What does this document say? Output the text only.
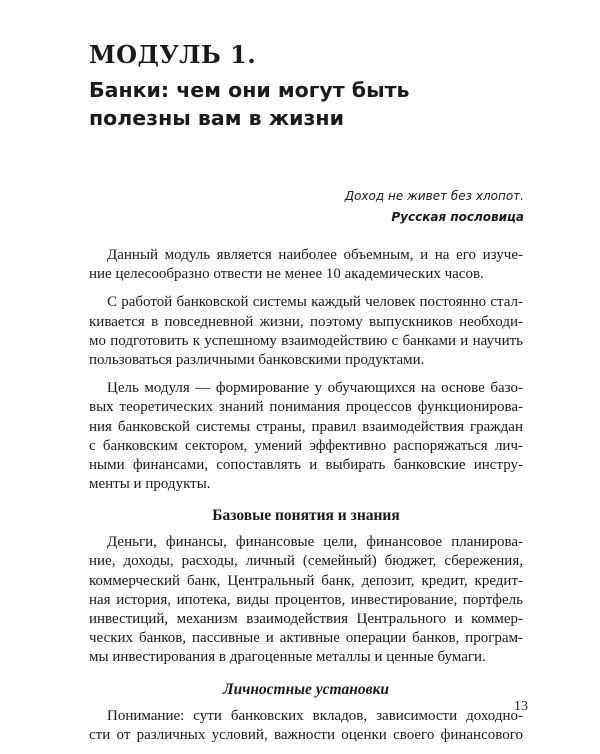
МОДУЛЬ 1.
Банки: чем они могут быть
полезны вам в жизни
Доход не живет без хлопот.
Русская пословица
Данный модуль является наиболее объемным, и на его изуче-
ние целесообразно отвести не менее 10 академических часов.
С работой банковской системы каждый человек постоянно стал-
кивается в повседневной жизни, поэтому выпускников необходи-
мо подготовить к успешному взаимодействию с банками и научить
пользоваться различными банковскими продуктами.
Цель модуля — формирование у обучающихся на основе базо-
вых теоретических знаний понимания процессов функционирова-
ния банковской системы страны, правил взаимодействия граждан
с банковским сектором, умений эффективно распоряжаться лич-
ными финансами, сопоставлять и выбирать банковские инстру-
менты и продукты.
Базовые понятия и знания
Деньги, финансы, финансовые цели, финансовое планирова-
ние, доходы, расходы, личный (семейный) бюджет, сбережения,
коммерческий банк, Центральный банк, депозит, кредит, кредит-
ная история, ипотека, виды процентов, инвестирование, портфель
инвестиций, механизм взаимодействия Центрального и коммер-
ческих банков, пассивные и активные операции банков, програм-
мы инвестирования в драгоценные металлы и ценные бумаги.
Личностные установки
Понимание: сути банковских вкладов, зависимости доходно-
сти от различных условий, важности оценки своего финансового
13
